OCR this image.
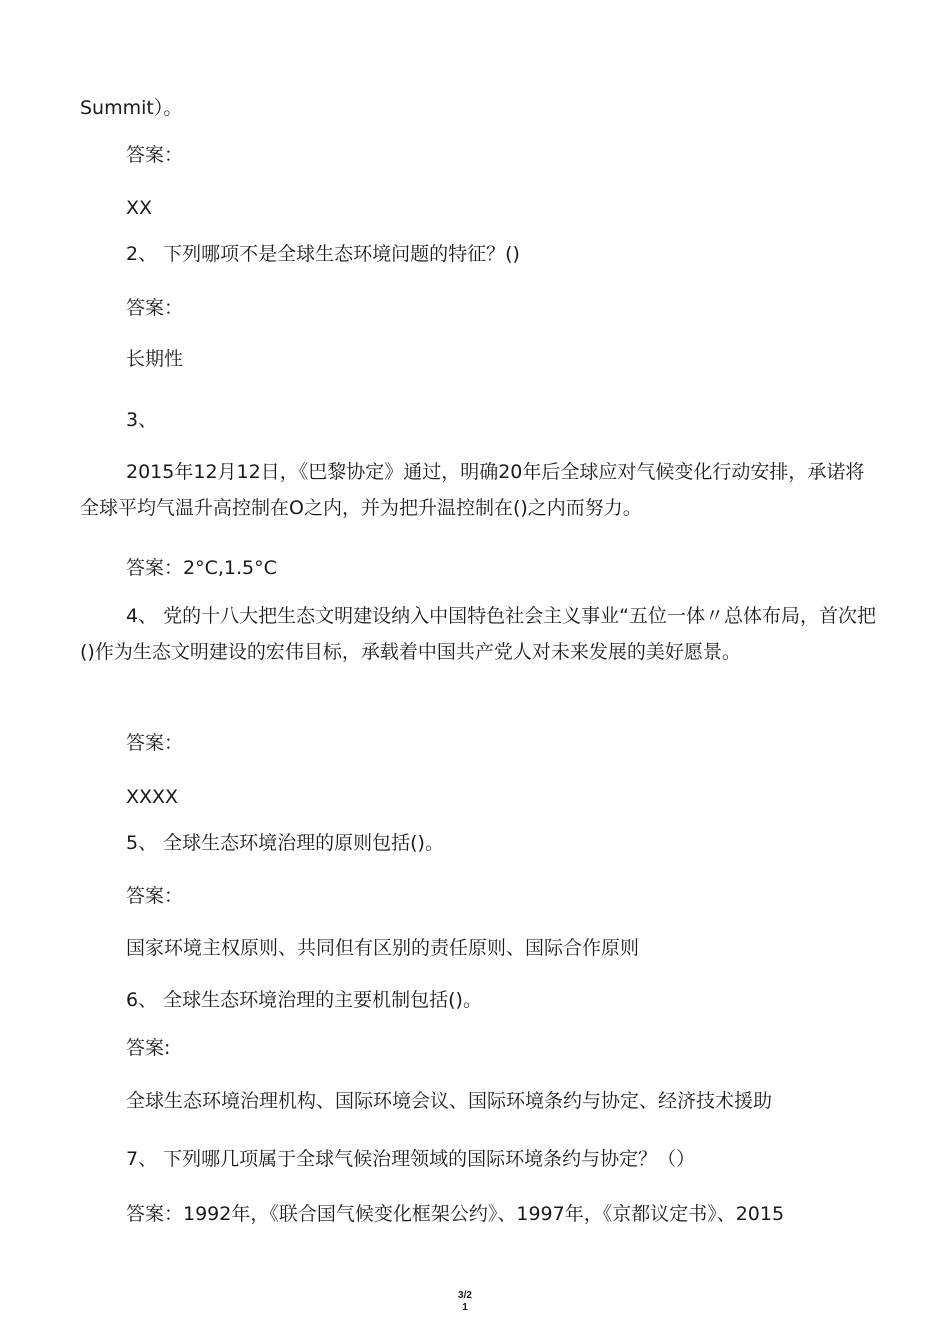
Summit）。
答案：
XX
2、 下列哪项不是全球生态环境问题的特征？()
答案：
长期性
3、
2015年12月12日，《巴黎协定》通过，明确20年后全球应对气候变化行动安排，承诺将全球平均气温升高控制在O之内，并为把升温控制在()之内而努力。
答案：2°C,1.5°C
4、 党的十八大把生态文明建设纳入中国特色社会主义事业“五位一体〃总体布局，首次把()作为生态文明建设的宏伟目标，承载着中国共产党人对未来发展的美好愿景。
答案：
XXXX
5、 全球生态环境治理的原则包括()。
答案：
国家环境主权原则、共同但有区别的责任原则、国际合作原则
6、 全球生态环境治理的主要机制包括()。
答案:
全球生态环境治理机构、国际环境会议、国际环境条约与协定、经济技术援助
7、 下列哪几项属于全球气候治理领域的国际环境条约与协定？（）
答案：1992年，《联合国气候变化框架公约》、1997年，《京都议定书》、2015
3/2
1
